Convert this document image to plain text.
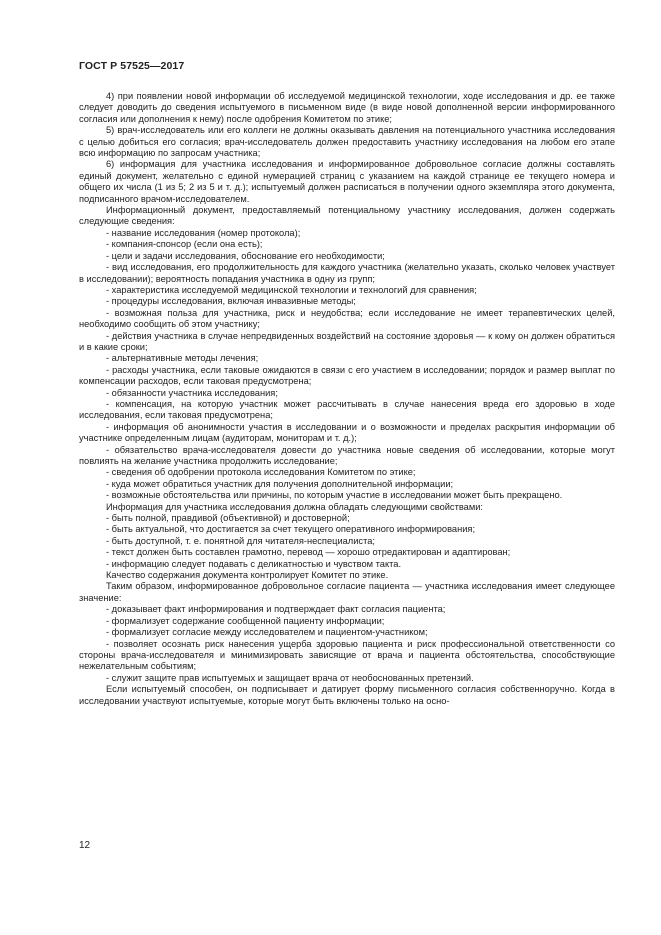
ГОСТ Р 57525—2017

4) при появлении новой информации об исследуемой медицинской технологии, ходе исследования и др. ее также следует доводить до сведения испытуемого в письменном виде (в виде новой дополненной версии информированного согласия или дополнения к нему) после одобрения Комитетом по этике;

5) врач-исследователь или его коллеги не должны оказывать давления на потенциального участника исследования с целью добиться его согласия; врач-исследователь должен предоставить участнику исследования на любом его этапе всю информацию по запросам участника;

6) информация для участника исследования и информированное добровольное согласие должны составлять единый документ, желательно с единой нумерацией страниц с указанием на каждой странице ее текущего номера и общего их числа (1 из 5; 2 из 5 и т. д.); испытуемый должен расписаться в получении одного экземпляра этого документа, подписанного врачом-исследователем.

Информационный документ, предоставляемый потенциальному участнику исследования, должен содержать следующие сведения:

- название исследования (номер протокола);

- компания-спонсор (если она есть);

- цели и задачи исследования, обоснование его необходимости;

- вид исследования, его продолжительность для каждого участника (желательно указать, сколько человек участвует в исследовании); вероятность попадания участника в одну из групп;

- характеристика исследуемой медицинской технологии и технологий для сравнения;

- процедуры исследования, включая инвазивные методы;

- возможная польза для участника, риск и неудобства; если исследование не имеет терапевтических целей, необходимо сообщить об этом участнику;

- действия участника в случае непредвиденных воздействий на состояние здоровья — к кому он должен обратиться и в какие сроки;

- альтернативные методы лечения;

- расходы участника, если таковые ожидаются в связи с его участием в исследовании; порядок и размер выплат по компенсации расходов, если таковая предусмотрена;

- обязанности участника исследования;

- компенсация, на которую участник может рассчитывать в случае нанесения вреда его здоровью в ходе исследования, если таковая предусмотрена;

- информация об анонимности участия в исследовании и о возможности и пределах раскрытия информации об участнике определенным лицам (аудиторам, мониторам и т. д.);

- обязательство врача-исследователя довести до участника новые сведения об исследовании, которые могут повлиять на желание участника продолжить исследование;

- сведения об одобрении протокола исследования Комитетом по этике;

- куда может обратиться участник для получения дополнительной информации;

- возможные обстоятельства или причины, по которым участие в исследовании может быть прекращено.

Информация для участника исследования должна обладать следующими свойствами:

- быть полной, правдивой (объективной) и достоверной;

- быть актуальной, что достигается за счет текущего оперативного информирования;

- быть доступной, т. е. понятной для читателя-неспециалиста;

- текст должен быть составлен грамотно, перевод — хорошо отредактирован и адаптирован;

- информацию следует подавать с деликатностью и чувством такта.

Качество содержания документа контролирует Комитет по этике.

Таким образом, информированное добровольное согласие пациента — участника исследования имеет следующее значение:

- доказывает факт информирования и подтверждает факт согласия пациента;

- формализует содержание сообщенной пациенту информации;

- формализует согласие между исследователем и пациентом-участником;

- позволяет осознать риск нанесения ущерба здоровью пациента и риск профессиональной ответственности со стороны врача-исследователя и минимизировать зависящие от врача и пациента обстоятельства, способствующие нежелательным событиям;

- служит защите прав испытуемых и защищает врача от необоснованных претензий.

Если испытуемый способен, он подписывает и датирует форму письменного согласия собственноручно. Когда в исследовании участвуют испытуемые, которые могут быть включены только на осно-

12
